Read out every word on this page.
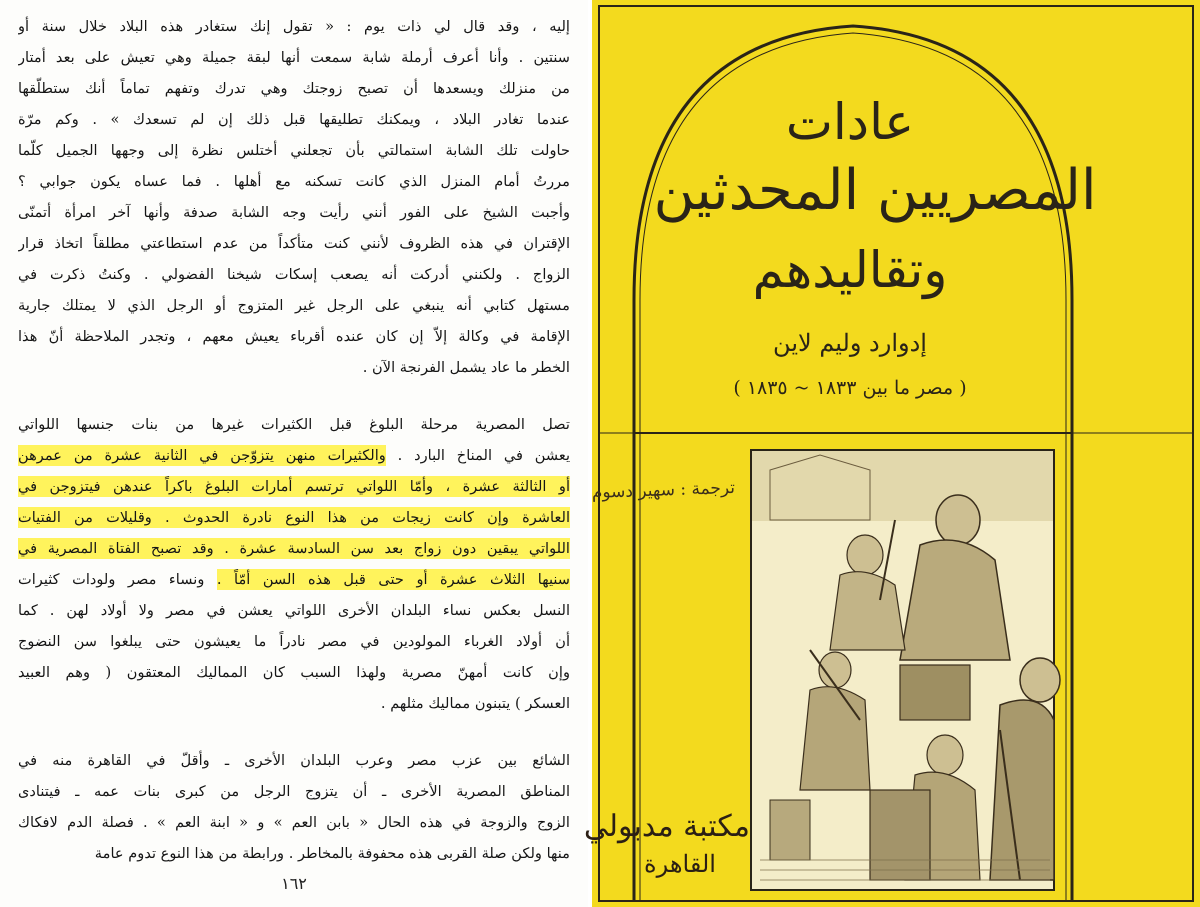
إليه ، وقد قال لي ذات يوم : « تقول إنك ستغادر هذه البلاد خلال سنة أو
سنتين . وأنا أعرف أرملة شابة سمعت أنها لبقة جميلة وهي تعيش على بعد أمتار
من منزلك ويسعدها أن تصبح زوجتك وهي تدرك وتفهم تماماً أنك ستطلّقها
عندما تغادر البلاد ، ويمكنك تطليقها قبل ذلك إن لم تسعدك » . وكم مرّة
حاولت تلك الشابة استمالتي بأن تجعلني أختلس نظرة إلى وجهها الجميل كلّما
مررتُ أمام المنزل الذي كانت تسكنه مع أهلها . فما عساه يكون جوابي ؟
وأجبت الشيخ على الفور أنني رأيت وجه الشابة صدفة وأنها آخر امرأة أتمنّى
الإقتران في هذه الظروف لأنني كنت متأكداً من عدم استطاعتي مطلقاً اتخاذ قرار
الزواج . ولكنني أدركت أنه يصعب إسكات شيخنا الفضولي . وكنتُ ذكرت في
مستهل كتابي أنه ينبغي على الرجل غير المتزوج أو الرجل الذي لا يمتلك جارية
الإقامة في وكالة إلاّ إن كان عنده أقرباء يعيش معهم ، وتجدر الملاحظة أنّ هذا
الخطر ما عاد يشمل الفرنجة الآن .
تصل المصرية مرحلة البلوغ قبل الكثيرات غيرها من بنات جنسها اللواتي
يعشن في المناخ البارد . والكثيرات منهن يتزوّجن في الثانية عشرة من عمرهن
أو الثالثة عشرة ، وأمّا اللواتي ترتسم أمارات البلوغ باكراً عندهن فيتزوجن في
العاشرة وإن كانت زيجات من هذا النوع نادرة الحدوث . وقليلات من الفتيات
اللواتي يبقين دون زواج بعد سن السادسة عشرة . وقد تصبح الفتاة المصرية في
سنيها الثلاث عشرة أو حتى قبل هذه السن أمّاً . ونساء مصر ولودات كثيرات
النسل بعكس نساء البلدان الأخرى اللواتي يعشن في مصر ولا أولاد لهن . كما
أن أولاد الغرباء المولودين في مصر نادراً ما يعيشون حتى يبلغوا سن النضوج
وإن كانت أمهنّ مصرية ولهذا السبب كان المماليك المعتقون ( وهم العبيد
العسكر ) يتبنون مماليك مثلهم .
الشائع بين عزب مصر وعرب البلدان الأخرى ـ وأقلّ في القاهرة منه في
المناطق المصرية الأخرى ـ أن يتزوج الرجل من كبرى بنات عمه ـ فيتنادى
الزوج والزوجة في هذه الحال « بابن العم » و « ابنة العم » . فصلة الدم لافكاك
منها ولكن صلة القربى هذه محفوفة بالمخاطر . ورابطة من هذا النوع تدوم عامة
١٦٢
عادات
المصريين المحدثين
وتقاليدهم
إدوارد وليم لاين
( مصر ما بين ١٨٣٣ ~ ١٨٣٥ )
ترجمة : سهير دسوم
مكتبة مدبولي
القاهرة
